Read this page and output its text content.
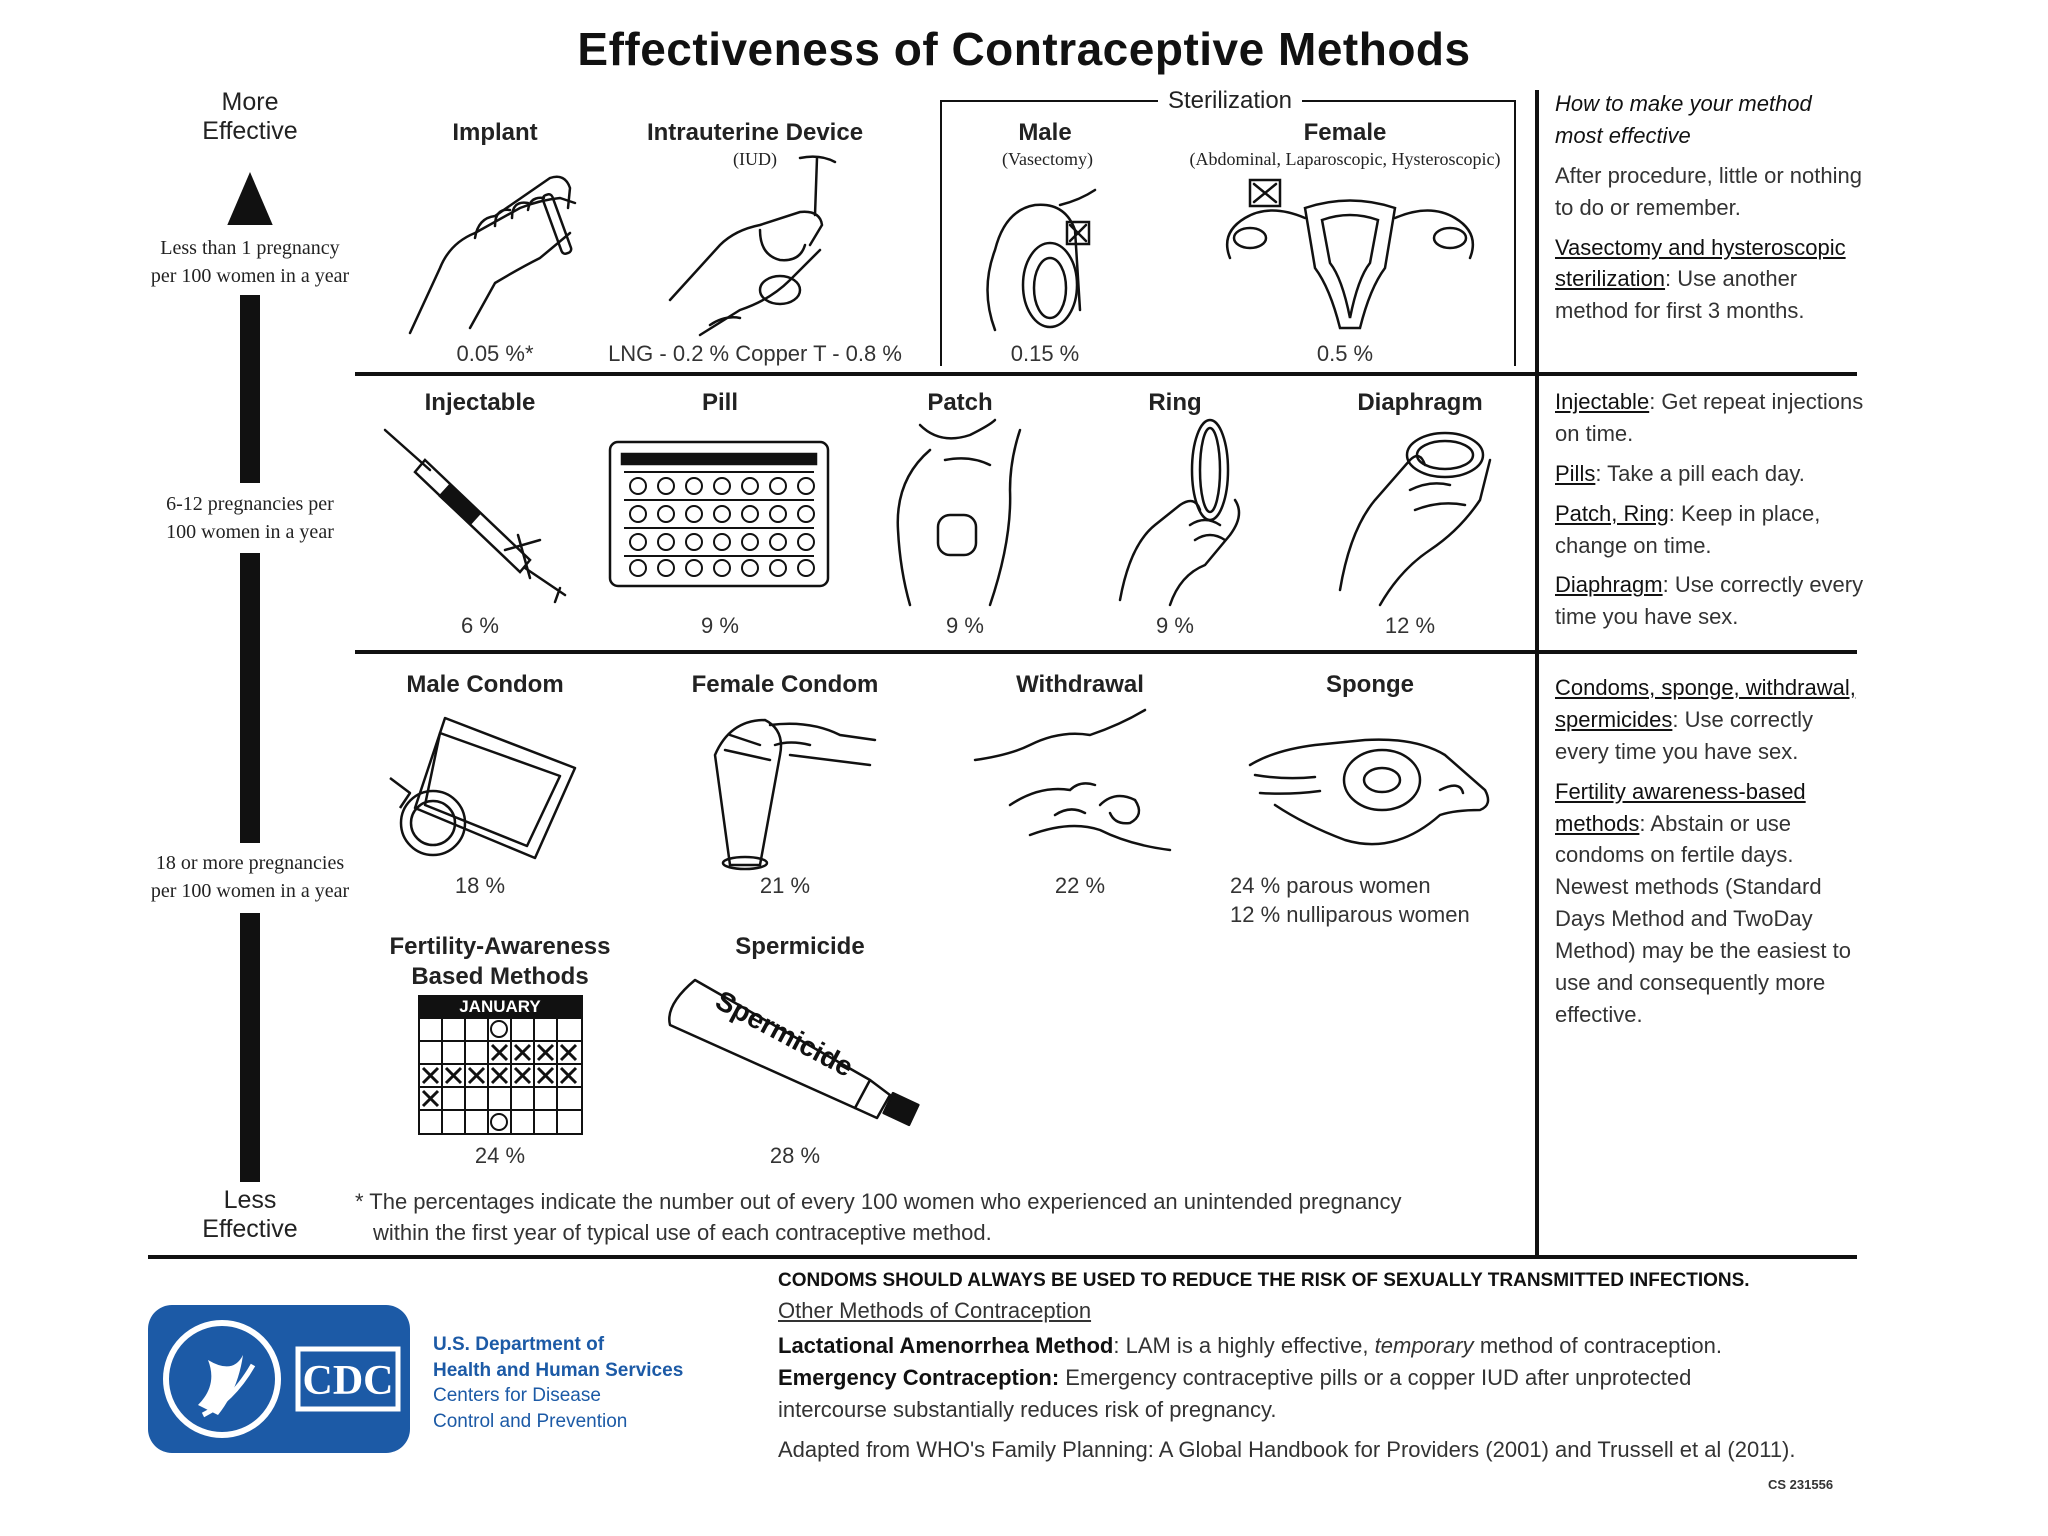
Effectiveness of Contraceptive Methods
More
Effective
Less than 1 pregnancy
per 100 women in a year
6-12 pregnancies per
100 women in a year
18 or more pregnancies
per 100 women in a year
Less
Effective
Sterilization
Implant
0.05 %*
Intrauterine Device
(IUD)
LNG - 0.2 % Copper T - 0.8 %
Male
(Vasectomy)
0.15 %
Female
(Abdominal, Laparoscopic, Hysteroscopic)
0.5 %
Injectable
6 %
Pill
9 %
Patch
9 %
Ring
9 %
Diaphragm
12 %
Male Condom
18 %
Female Condom
21 %
Withdrawal
22 %
Sponge
24 % parous women
12 % nulliparous women
Fertility-Awareness
Based Methods
JANUARY
24 %
Spermicide
Spermicide
28 %
* The percentages indicate the number out of every 100 women who experienced an unintended pregnancy
within the first year of typical use of each contraceptive method.

How to make your method
most effective

After procedure, little or nothing to do or remember.

Vasectomy and hysteroscopic sterilization: Use another method for first 3 months.

Injectable: Get repeat injections on time.

Pills: Take a pill each day.

Patch, Ring: Keep in place, change on time.

Diaphragm: Use correctly every time you have sex.

Condoms, sponge, withdrawal, spermicides: Use correctly every time you have sex.

Fertility awareness-based methods: Abstain or use condoms on fertile days. Newest methods (Standard Days Method and TwoDay Method) may be the easiest to use and consequently more effective.

CDC
U.S. Department of
Health and Human Services
Centers for Disease
Control and Prevention
CONDOMS SHOULD ALWAYS BE USED TO REDUCE THE RISK OF SEXUALLY TRANSMITTED INFECTIONS.
Other Methods of Contraception
Lactational Amenorrhea Method: LAM is a highly effective, temporary method of contraception.
Emergency Contraception: Emergency contraceptive pills or a copper IUD after unprotected
intercourse substantially reduces risk of pregnancy.
Adapted from WHO's Family Planning: A Global Handbook for Providers (2001) and Trussell et al (2011).
CS 231556
